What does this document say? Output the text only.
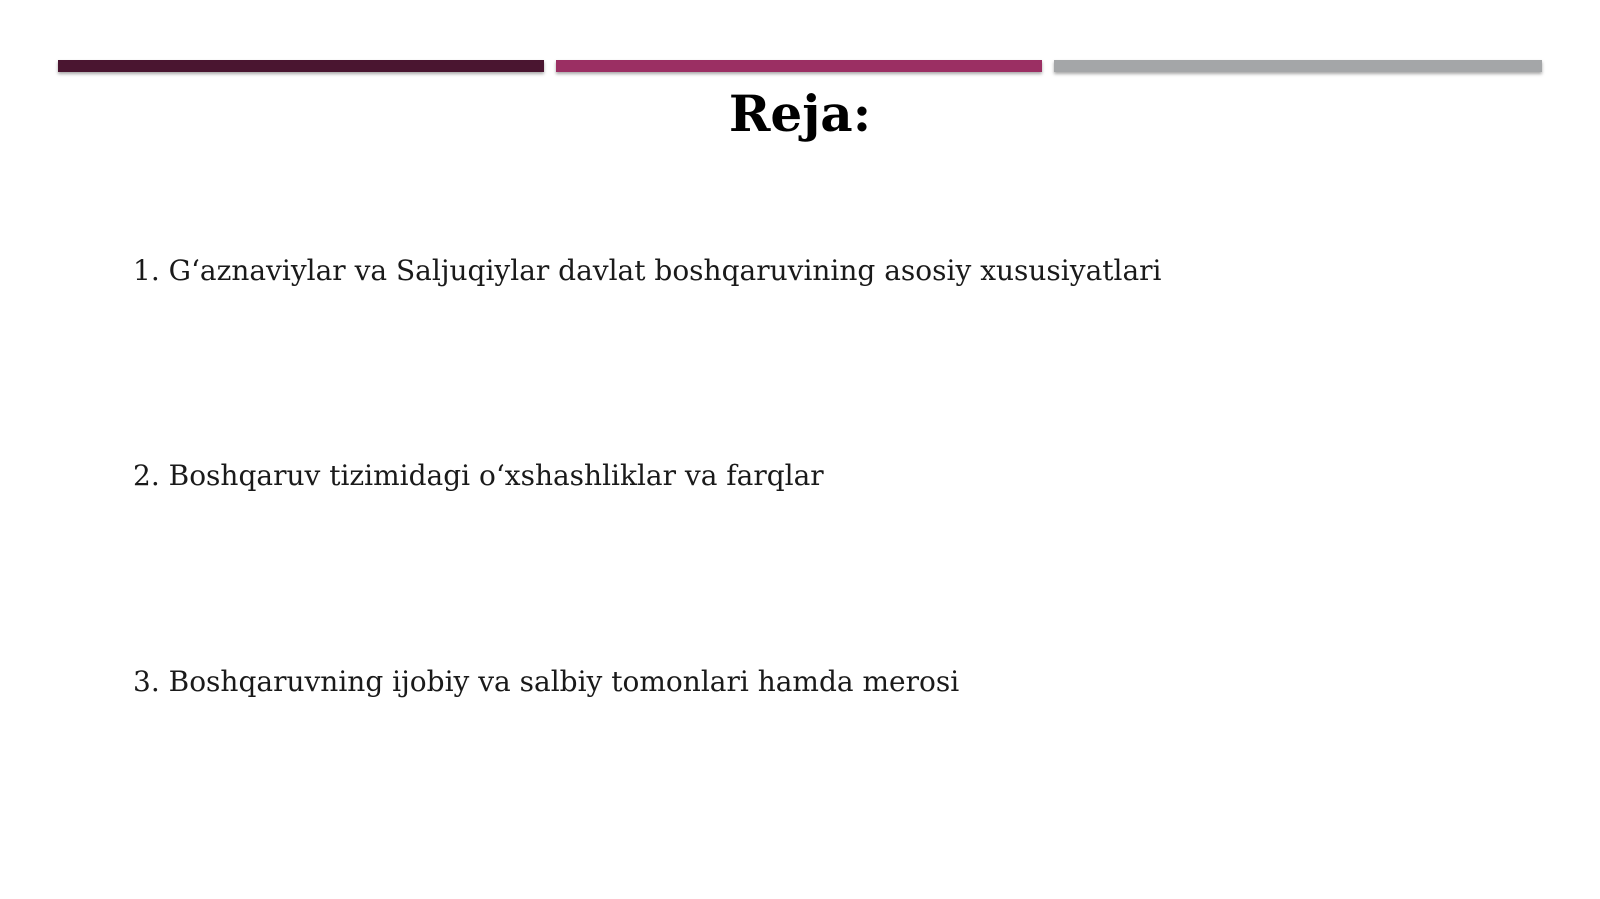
Reja:
1. G‘aznaviylar va Saljuqiylar davlat boshqaruvining asosiy xususiyatlari
2. Boshqaruv tizimidagi o‘xshashliklar va farqlar
3. Boshqaruvning ijobiy va salbiy tomonlari hamda merosi
